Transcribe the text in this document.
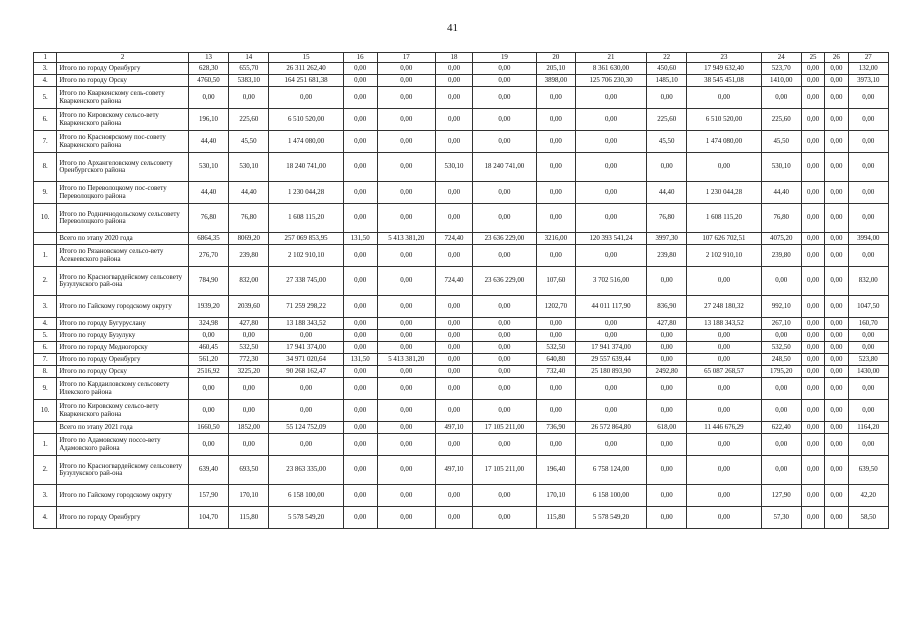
41
1	2	13	14	15	16	17	18	19	20	21	22	23	24	25	26	27
3.	Итого по городу Оренбургу	628,30	655,70	26 311 262,40	0,00	0,00	0,00	0,00	205,10	8 361 630,00	450,60	17 949 632,40	523,70	0,00	0,00	132,00
4.	Итого по городу Орску	4760,50	5383,10	164 251 681,38	0,00	0,00	0,00	0,00	3898,00	125 706 230,30	1485,10	38 545 451,08	1410,00	0,00	0,00	3973,10
5.	Итого по Кваркенскому сель-советy Кваркенского района	0,00	0,00	0,00	0,00	0,00	0,00	0,00	0,00	0,00	0,00	0,00	0,00	0,00	0,00	0,00
6.	Итого по Кировскому сельсо-вету Кваркенского района	196,10	225,60	6 510 520,00	0,00	0,00	0,00	0,00	0,00	0,00	225,60	6 510 520,00	225,60	0,00	0,00	0,00
7.	Итого по Красноярскому пос-совету Кваркенского района	44,40	45,50	1 474 080,00	0,00	0,00	0,00	0,00	0,00	0,00	45,50	1 474 080,00	45,50	0,00	0,00	0,00
8.	Итого по Архангеловскому сельсовету Оренбургского района	530,10	530,10	18 240 741,00	0,00	0,00	530,10	18 240 741,00	0,00	0,00	0,00	0,00	530,10	0,00	0,00	0,00
9.	Итого по Переволоцкому пос-совету Переволоцкого района	44,40	44,40	1 230 044,28	0,00	0,00	0,00	0,00	0,00	0,00	44,40	1 230 044,28	44,40	0,00	0,00	0,00
10.	Итого по Родничнодольскому сельсовету Переволоцкого района	76,80	76,80	1 608 115,20	0,00	0,00	0,00	0,00	0,00	0,00	76,80	1 608 115,20	76,80	0,00	0,00	0,00
	Всего по этапу 2020 года	6864,35	8069,20	257 069 853,95	131,50	5 413 381,20	724,40	23 636 229,00	3216,00	120 393 541,24	3997,30	107 626 702,51	4075,20	0,00	0,00	3994,00
1.	Итого по Рязановскому сельсо-вету Асекеевского района	276,70	239,80	2 102 910,10	0,00	0,00	0,00	0,00	0,00	0,00	239,80	2 102 910,10	239,80	0,00	0,00	0,00
2.	Итого по Красногвардейскому сельсовету Бузулукского рай-она	784,90	832,00	27 338 745,00	0,00	0,00	724,40	23 636 229,00	107,60	3 702 516,00	0,00	0,00	0,00	0,00	0,00	832,00
3.	Итого по Гайскому городскому округу	1939,20	2039,60	71 259 298,22	0,00	0,00	0,00	0,00	1202,70	44 011 117,90	836,90	27 248 180,32	992,10	0,00	0,00	1047,50
4.	Итого по городу Бугуруслану	324,98	427,80	13 188 343,52	0,00	0,00	0,00	0,00	0,00	0,00	427,80	13 188 343,52	267,10	0,00	0,00	160,70
5.	Итого по городу Бузулуку	0,00	0,00	0,00	0,00	0,00	0,00	0,00	0,00	0,00	0,00	0,00	0,00	0,00	0,00	0,00
6.	Итого по городу Медногорску	460,45	532,50	17 941 374,00	0,00	0,00	0,00	0,00	532,50	17 941 374,00	0,00	0,00	532,50	0,00	0,00	0,00
7.	Итого по городу Оренбургу	561,20	772,30	34 971 020,64	131,50	5 413 381,20	0,00	0,00	640,80	29 557 639,44	0,00	0,00	248,50	0,00	0,00	523,80
8.	Итого по городу Орску	2516,92	3225,20	90 268 162,47	0,00	0,00	0,00	0,00	732,40	25 180 893,90	2492,80	65 087 268,57	1795,20	0,00	0,00	1430,00
9.	Итого по Кардаиловскому сельсовету Илекского района	0,00	0,00	0,00	0,00	0,00	0,00	0,00	0,00	0,00	0,00	0,00	0,00	0,00	0,00	0,00
10.	Итого по Кировскому сельсо-вету Кваркенского района	0,00	0,00	0,00	0,00	0,00	0,00	0,00	0,00	0,00	0,00	0,00	0,00	0,00	0,00	0,00
	Всего по этапу 2021 года	1660,50	1852,00	55 124 752,09	0,00	0,00	497,10	17 105 211,00	736,90	26 572 864,80	618,00	11 446 676,29	622,40	0,00	0,00	1164,20
1.	Итого по Адамовскому поссо-вету Адамовского района	0,00	0,00	0,00	0,00	0,00	0,00	0,00	0,00	0,00	0,00	0,00	0,00	0,00	0,00	0,00
2.	Итого по Красногвардейскому сельсовету Бузулукского рай-она	639,40	693,50	23 863 335,00	0,00	0,00	497,10	17 105 211,00	196,40	6 758 124,00	0,00	0,00	0,00	0,00	0,00	639,50
3.	Итого по Гайскому городскому округу	157,90	170,10	6 158 100,00	0,00	0,00	0,00	0,00	170,10	6 158 100,00	0,00	0,00	127,90	0,00	0,00	42,20
4.	Итого по городу Оренбургу	104,70	115,80	5 578 549,20	0,00	0,00	0,00	0,00	115,80	5 578 549,20	0,00	0,00	57,30	0,00	0,00	58,50
